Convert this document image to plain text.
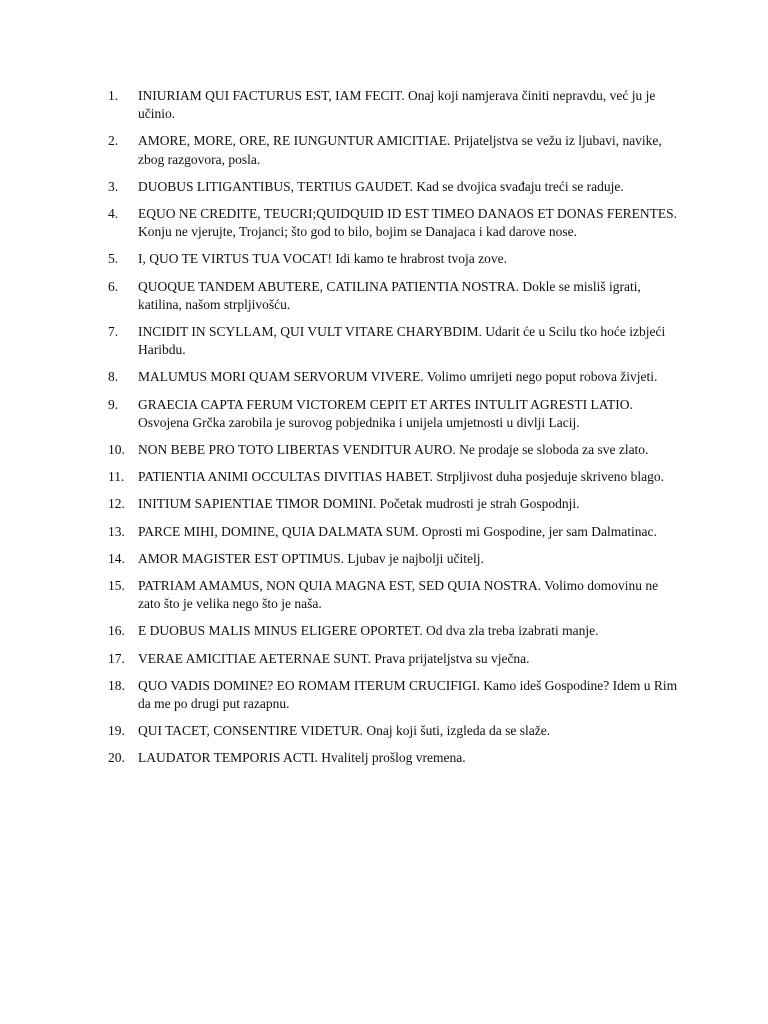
1.	INIURIAM QUI FACTURUS EST, IAM FECIT. Onaj koji namjerava činiti nepravdu, već ju je učinio.
2.	AMORE, MORE, ORE, RE IUNGUNTUR AMICITIAE. Prijateljstva se vežu iz ljubavi, navike, zbog razgovora, posla.
3.	DUOBUS LITIGANTIBUS, TERTIUS GAUDET. Kad se dvojica svađaju treći se raduje.
4.	EQUO NE CREDITE, TEUCRI;QUIDQUID ID EST TIMEO DANAOS ET DONAS FERENTES. Konju ne vjerujte, Trojanci; što god to bilo, bojim se Danajaca i kad darove nose.
5.	I, QUO TE VIRTUS TUA VOCAT! Idi kamo te hrabrost tvoja zove.
6.	QUOQUE TANDEM ABUTERE, CATILINA PATIENTIA NOSTRA. Dokle se misliš igrati, katilina, našom strpljivošću.
7.	INCIDIT IN SCYLLAM, QUI VULT VITARE CHARYBDIM. Udarit će u Scilu tko hoće izbjeći Haribdu.
8.	MALUMUS MORI QUAM SERVORUM VIVERE. Volimo umrijeti nego poput robova živjeti.
9.	GRAECIA CAPTA FERUM VICTOREM CEPIT ET ARTES INTULIT AGRESTI LATIO. Osvojena Grčka zarobila je surovog pobjednika i unijela umjetnosti u divlji Lacij.
10. NON BEBE PRO TOTO LIBERTAS VENDITUR AURO. Ne prodaje se sloboda za sve zlato.
11.	PATIENTIA ANIMI OCCULTAS DIVITIAS HABET. Strpljivost duha posjeduje skriveno blago.
12. INITIUM SAPIENTIAE TIMOR DOMINI. Početak mudrosti je strah Gospodnji.
13. PARCE MIHI, DOMINE, QUIA DALMATA SUM. Oprosti mi Gospodine, jer sam Dalmatinac.
14. AMOR MAGISTER EST OPTIMUS. Ljubav je najbolji učitelj.
15. PATRIAM AMAMUS, NON QUIA MAGNA EST, SED QUIA NOSTRA. Volimo domovinu ne zato što je velika nego što je naša.
16. E DUOBUS MALIS MINUS ELIGERE OPORTET. Od dva zla treba izabrati manje.
17. VERAE AMICITIAE AETERNAE SUNT. Prava prijateljstva su vječna.
18. QUO VADIS DOMINE? EO ROMAM ITERUM CRUCIFIGI. Kamo ideš Gospodine? Idem u Rim da me po drugi put razapnu.
19. QUI TACET, CONSENTIRE VIDETUR. Onaj koji šuti, izgleda da se slaže.
20. LAUDATOR TEMPORIS ACTI. Hvalitelj prošlog vremena.
